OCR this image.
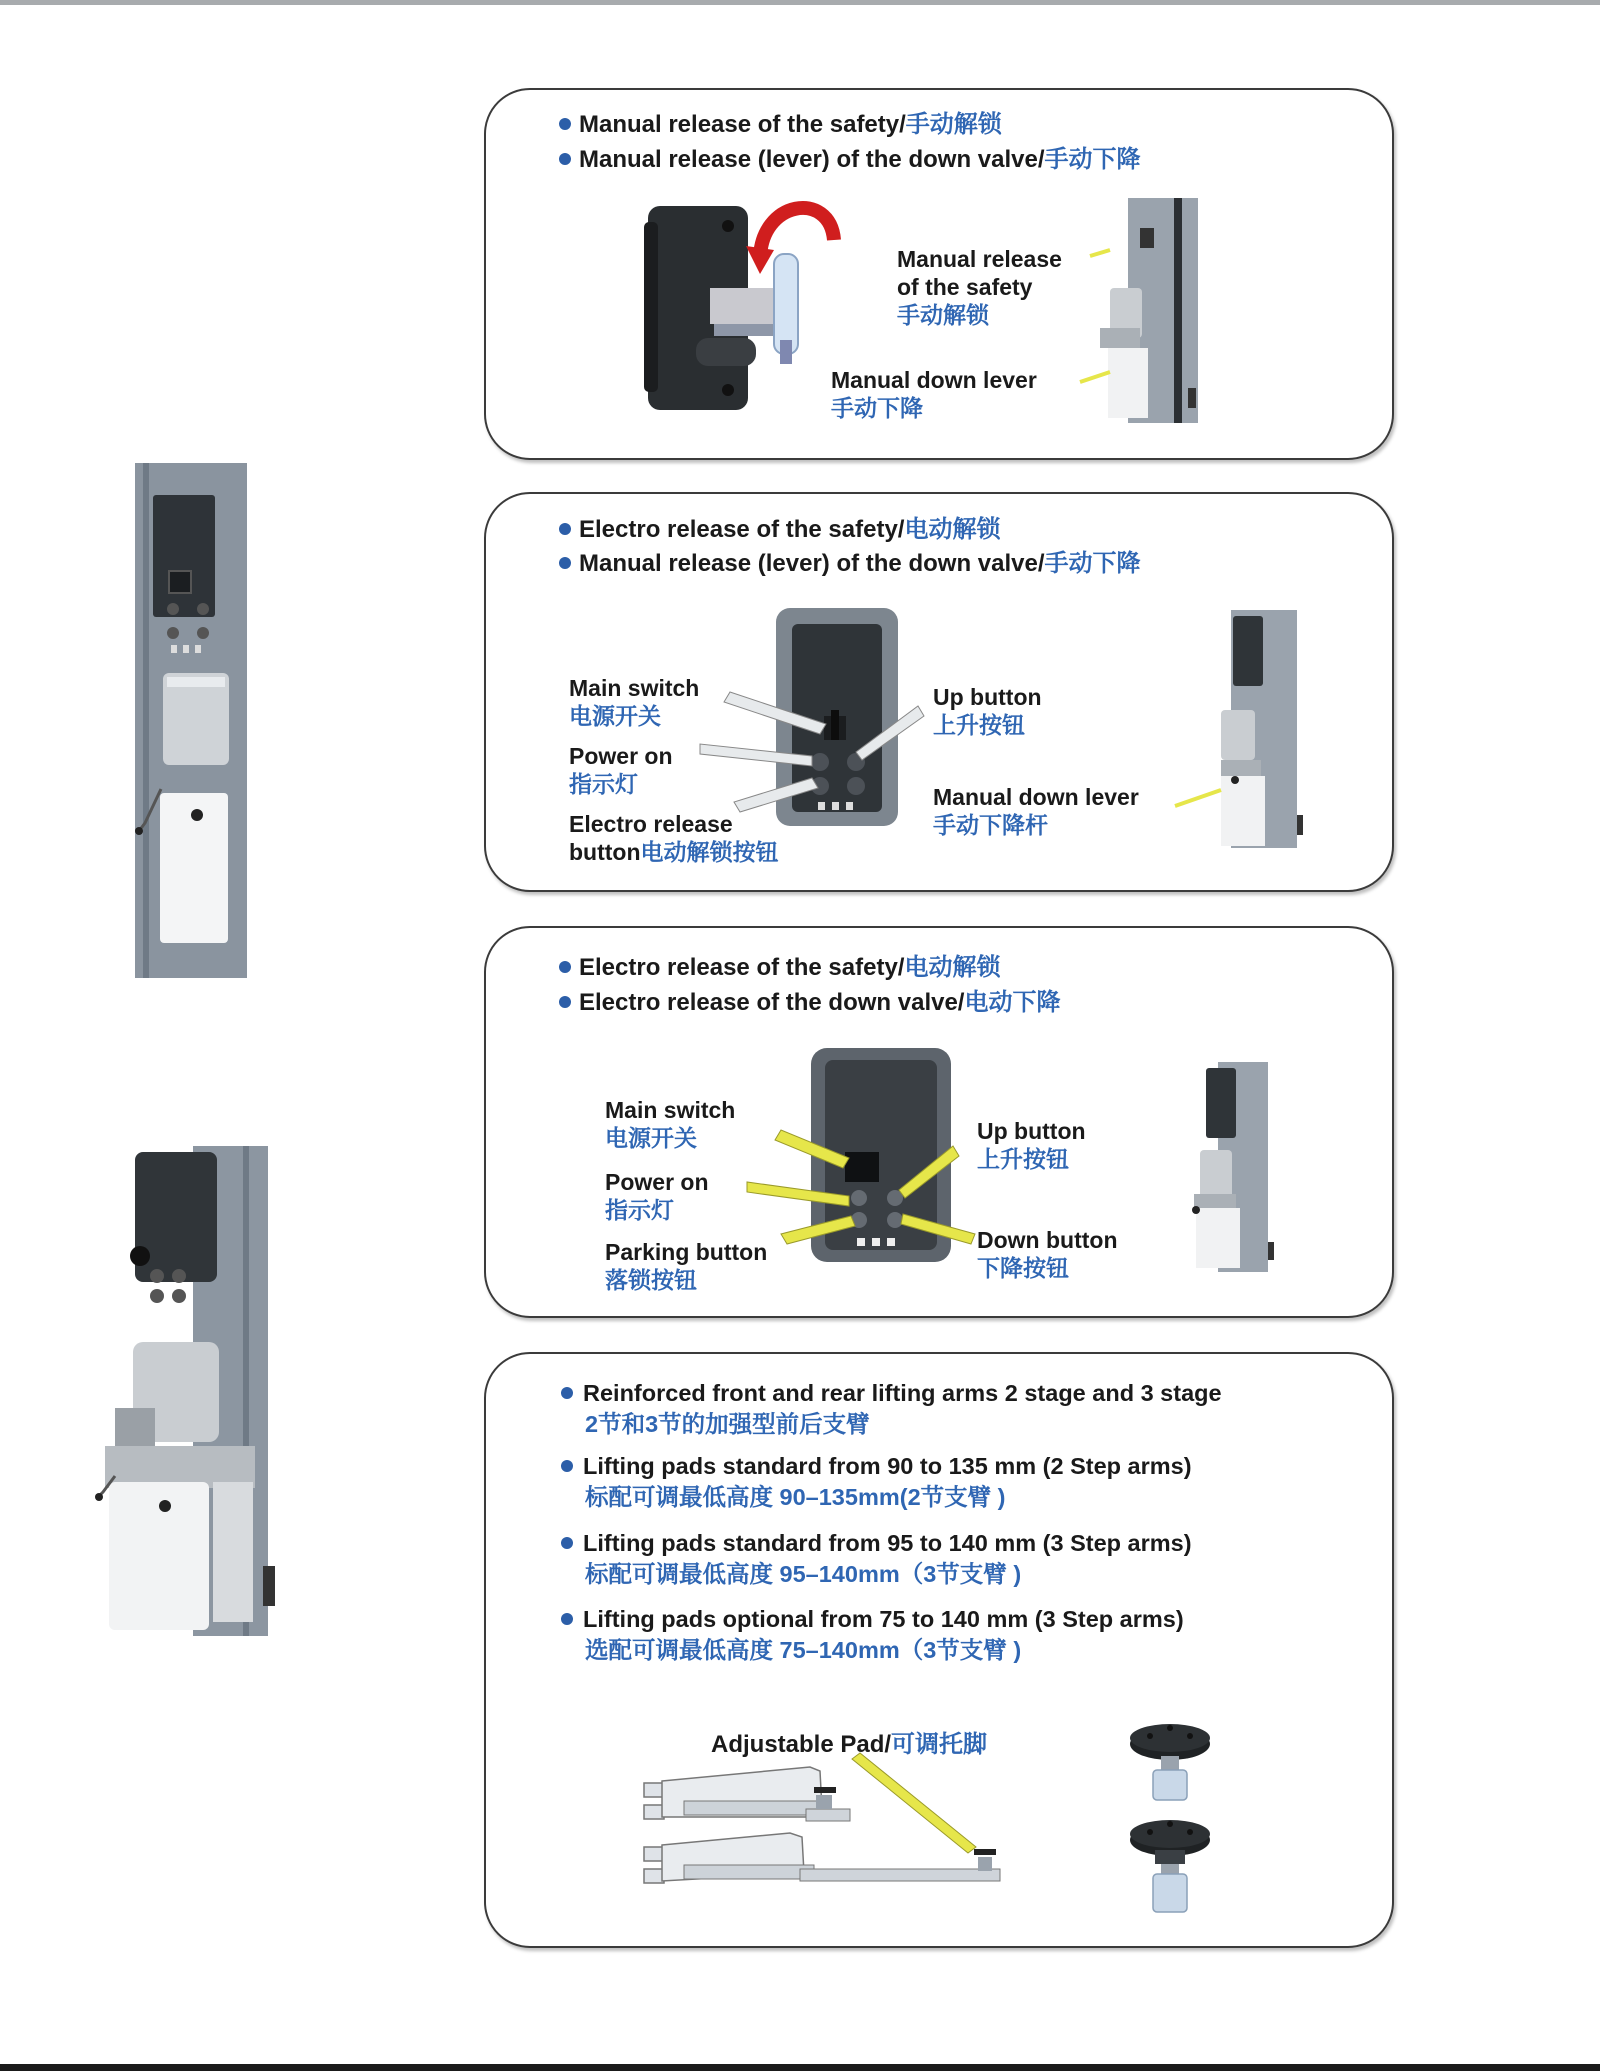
Manual release of the safety/手动解锁
Manual release (lever) of the down valve/手动下降
Manual release
of the safety
手动解锁
Manual down lever
手动下降
Electro release of the safety/电动解锁
Manual release (lever) of the down valve/手动下降
Main switch
电源开关
Power on
指示灯
Electro release
button电动解锁按钮
Up button
上升按钮
Manual down lever
手动下降杆
Electro release of the safety/电动解锁
Electro release of the down valve/电动下降
Main switch
电源开关
Power on
指示灯
Parking button
落锁按钮
Up button
上升按钮
Down button
下降按钮
Reinforced front and rear lifting arms 2 stage and 3 stage
2节和3节的加强型前后支臂
Lifting pads standard from 90 to 135 mm (2 Step arms)
标配可调最低高度 90–135mm(2节支臂 )
Lifting pads standard from 95 to 140 mm (3 Step arms)
标配可调最低高度 95–140mm（3节支臂 )
Lifting pads optional from 75 to 140 mm (3 Step arms)
选配可调最低高度 75–140mm（3节支臂 )
Adjustable Pad/可调托脚
